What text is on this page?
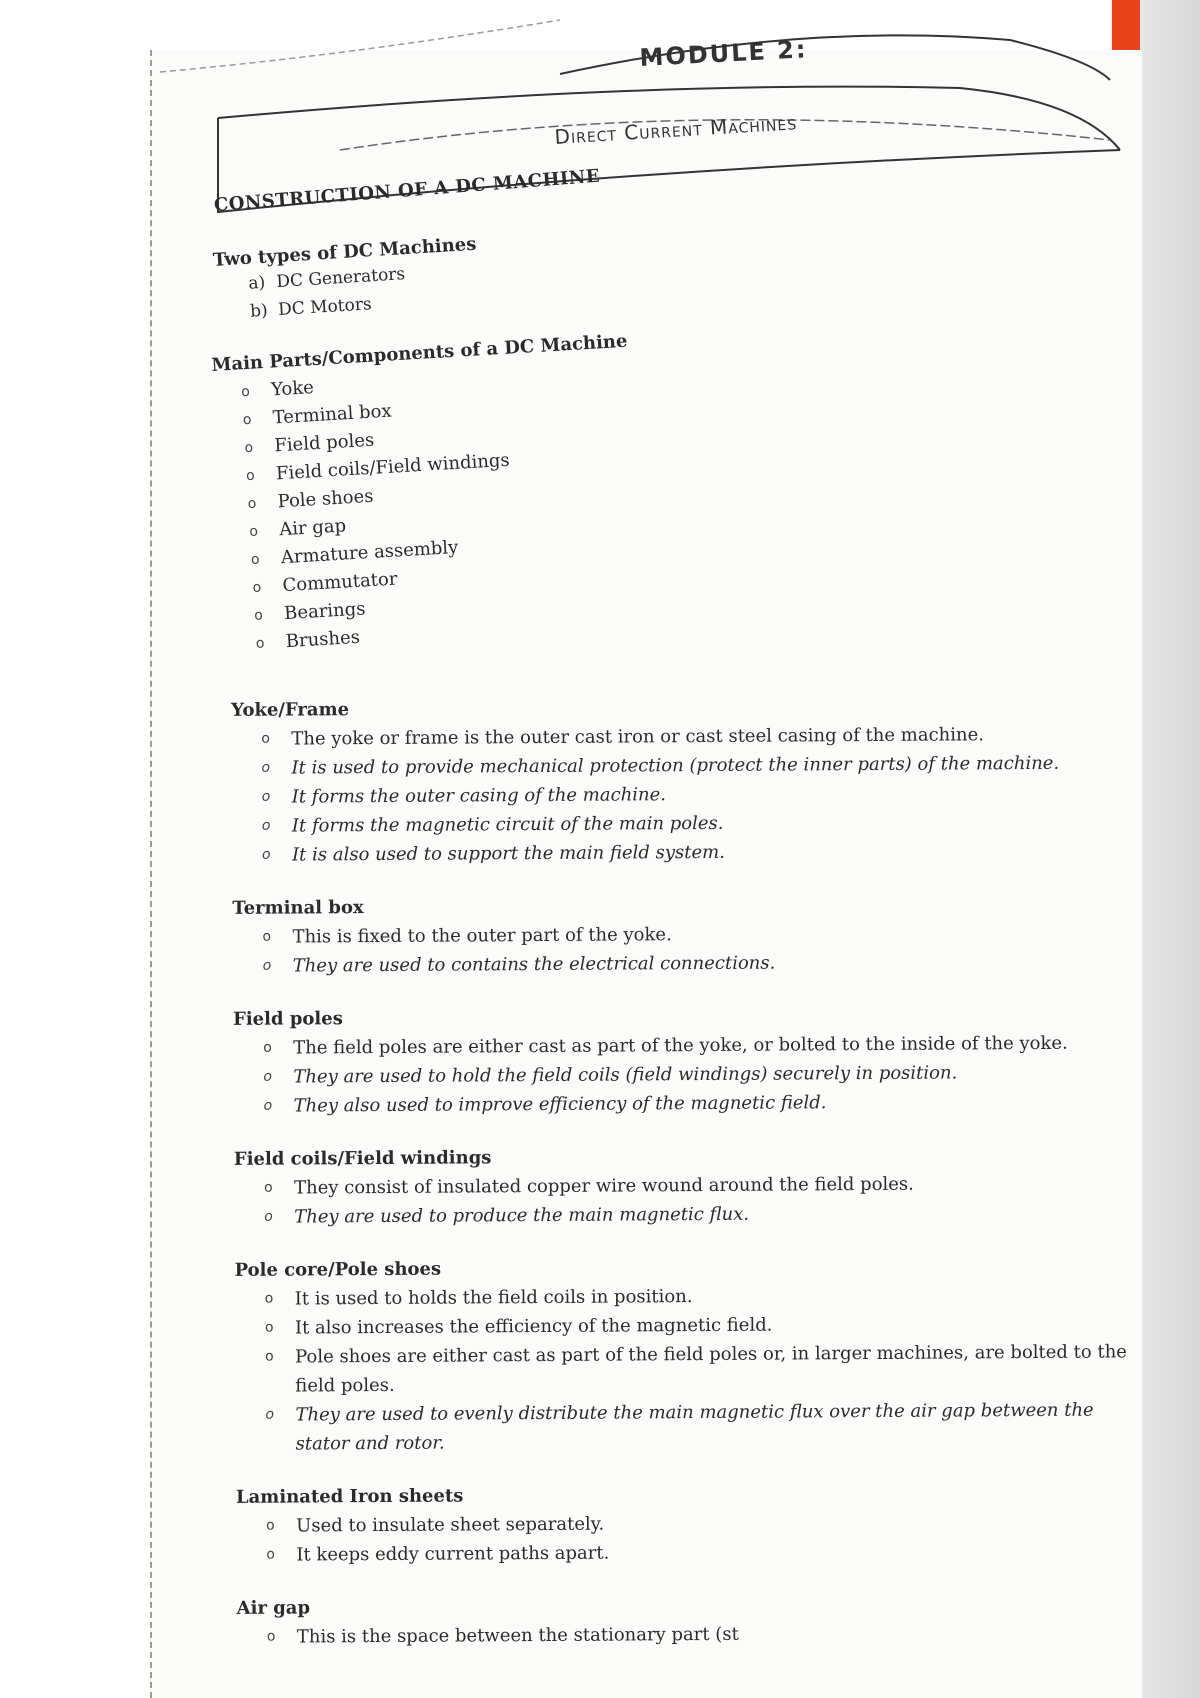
MODULE 2:
Direct Current Machines
CONSTRUCTION OF A DC MACHINE

Two types of DC Machines

a) DC Generators
b) DC Motors

Main Parts/Components of a DC Machine

o Yoke
o Terminal box
o Field poles
o Field coils/Field windings
o Pole shoes
o Air gap
o Armature assembly
o Commutator
o Bearings
o Brushes

Yoke/Frame

o The yoke or frame is the outer cast iron or cast steel casing of the machine.
o It is used to provide mechanical protection (protect the inner parts) of the machine.
o It forms the outer casing of the machine.
o It forms the magnetic circuit of the main poles.
o It is also used to support the main field system.

Terminal box

o This is fixed to the outer part of the yoke.
o They are used to contains the electrical connections.

Field poles

o The field poles are either cast as part of the yoke, or bolted to the inside of the yoke.
o They are used to hold the field coils (field windings) securely in position.
o They also used to improve efficiency of the magnetic field.

Field coils/Field windings

o They consist of insulated copper wire wound around the field poles.
o They are used to produce the main magnetic flux.

Pole core/Pole shoes

o It is used to holds the field coils in position.
o It also increases the efficiency of the magnetic field.
o Pole shoes are either cast as part of the field poles or, in larger machines, are bolted to the field poles.
o They are used to evenly distribute the main magnetic flux over the air gap between the stator and rotor.

Laminated Iron sheets

o Used to insulate sheet separately.
o It keeps eddy current paths apart.

Air gap

o This is the space between the stationary part (st
